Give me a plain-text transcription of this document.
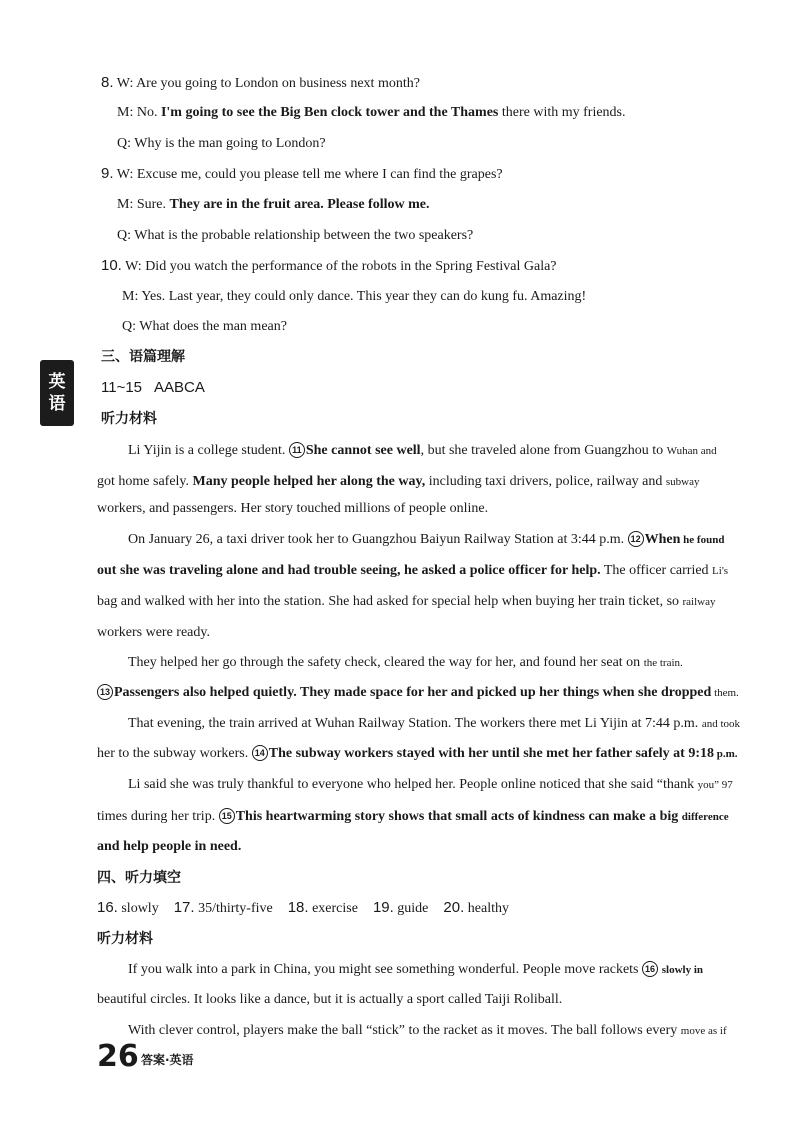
英
语
8. W: Are you going to London on business next month?
M: No. I'm going to see the Big Ben clock tower and the Thames there with my friends.
Q: Why is the man going to London?
9. W: Excuse me, could you please tell me where I can find the grapes?
M: Sure. They are in the fruit area. Please follow me.
Q: What is the probable relationship between the two speakers?
10. W: Did you watch the performance of the robots in the Spring Festival Gala?
M: Yes. Last year, they could only dance. This year they can do kung fu. Amazing!
Q: What does the man mean?
三、语篇理解
11~15 AABCA
听力材料
Li Yijin is a college student. 11 She cannot see well, but she traveled alone from Guangzhou to Wuhan and
got home safely. Many people helped her along the way, including taxi drivers, police, railway and subway
workers, and passengers. Her story touched millions of people online.
On January 26, a taxi driver took her to Guangzhou Baiyun Railway Station at 3:44 p.m. 12 When he found
out she was traveling alone and had trouble seeing, he asked a police officer for help. The officer carried Li's
bag and walked with her into the station. She had asked for special help when buying her train ticket, so railway
workers were ready.
They helped her go through the safety check, cleared the way for her, and found her seat on the train.
13 Passengers also helped quietly. They made space for her and picked up her things when she dropped them.
That evening, the train arrived at Wuhan Railway Station. The workers there met Li Yijin at 7:44 p.m. and took
her to the subway workers. 14 The subway workers stayed with her until she met her father safely at 9:18 p.m.
Li said she was truly thankful to everyone who helped her. People online noticed that she said “thank you” 97
times during her trip. 15 This heartwarming story shows that small acts of kindness can make a big difference
and help people in need.
四、听力填空
16. slowly 17. 35/thirty-five 18. exercise 19. guide 20. healthy
听力材料
If you walk into a park in China, you might see something wonderful. People move rackets 16 slowly in
beautiful circles. It looks like a dance, but it is actually a sport called Taiji Roliball.
With clever control, players make the ball “stick” to the racket as it moves. The ball follows every move as if
26 答案·英语
